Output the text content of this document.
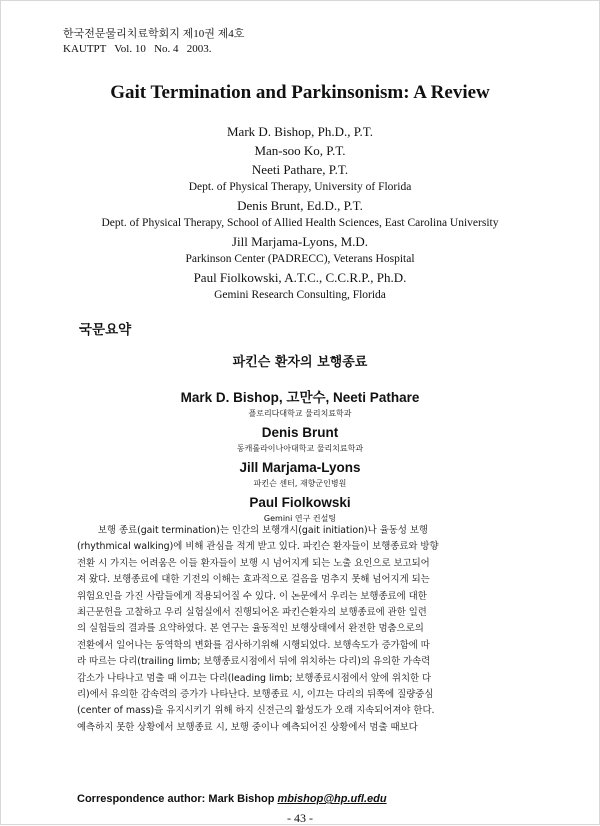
한국전문물리치료학회지 제10권 제4호
KAUTPT   Vol. 10   No. 4   2003.
Gait Termination and Parkinsonism: A Review
Mark D. Bishop, Ph.D., P.T.
Man-soo Ko, P.T.
Neeti Pathare, P.T.
Dept. of Physical Therapy, University of Florida
Denis Brunt, Ed.D., P.T.
Dept. of Physical Therapy, School of Allied Health Sciences, East Carolina University
Jill Marjama-Lyons, M.D.
Parkinson Center (PADRECC), Veterans Hospital
Paul Fiolkowski, A.T.C., C.C.R.P., Ph.D.
Gemini Research Consulting, Florida
국문요약
파킨슨 환자의 보행종료
Mark D. Bishop, 고만수, Neeti Pathare
플로리다대학교 물리치료학과
Denis Brunt
동캐롤라이나아대학교 물리치료학과
Jill Marjama-Lyons
파킨슨 센터, 재향군인병원
Paul Fiolkowski
Gemini 연구 컨설팅
보행 종료(gait termination)는 인간의 보행개시(gait initiation)나 율동성 보행
(rhythmical walking)에 비해 관심을 적게 받고 있다. 파킨슨 환자들이 보행종료와 방향
전환 시 가지는 어려움은 이들 환자들이 보행 시 넘어지게 되는 노출 요인으로 보고되어
져 왔다. 보행종료에 대한 기전의 이해는 효과적으로 걸음을 멈추지 못해 넘어지게 되는
위험요인을 가진 사람들에게 적용되어질 수 있다. 이 논문에서 우리는 보행종료에 대한
최근문헌을 고찰하고 우리 실험실에서 진행되어온 파킨슨환자의 보행종료에 관한 일련
의 실험들의 결과를 요약하였다. 본 연구는 율동적인 보행상태에서 완전한 멈춤으로의
전환에서 일어나는 동역학의 변화를 검사하기위해 시행되었다. 보행속도가 증가함에 따
라 따르는 다리(trailing limb; 보행종료시점에서 뒤에 위치하는 다리)의 유의한 가속력
감소가 나타나고 멈출 때 이끄는 다리(leading limb; 보행종료시점에서 앞에 위치한 다
리)에서 유의한 감속력의 증가가 나타난다. 보행종료 시, 이끄는 다리의 뒤쪽에 질량중심
(center of mass)을 유지시키기 위해 하지 신전근의 활성도가 오래 지속되어져야 한다.
예측하지 못한 상황에서 보행종료 시, 보행 중이나 예측되어진 상황에서 멈출 때보다
Correspondence author: Mark Bishop mbishop@hp.ufl.edu
- 43 -
